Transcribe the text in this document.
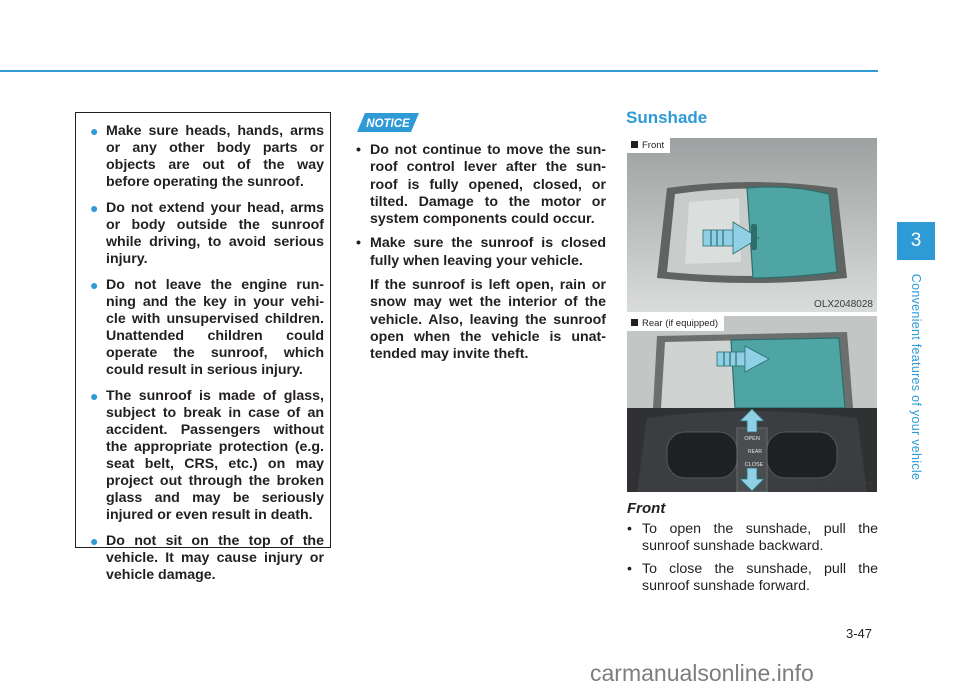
● Make sure heads, hands, arms or any other body parts or objects are out of the way before operating the sunroof.
● Do not extend your head, arms or body outside the sunroof while driving, to avoid serious injury.
● Do not leave the engine run-ning and the key in your vehi-cle with unsupervised children. Unattended children could operate the sunroof, which could result in serious injury.
● The sunroof is made of glass, subject to break in case of an accident. Passengers without the appropriate protection (e.g. seat belt, CRS, etc.) on may project out through the broken glass and may be seriously injured or even result in death.
● Do not sit on the top of the vehicle. It may cause injury or vehicle damage.
NOTICE
• Do not continue to move the sun-roof control lever after the sun-roof is fully opened, closed, or tilted. Damage to the motor or system components could occur.
• Make sure the sunroof is closed fully when leaving your vehicle.
If the sunroof is left open, rain or snow may wet the interior of the vehicle. Also, leaving the sunroof open when the vehicle is unat-tended may invite theft.
Sunshade
Front
OLX2048028
Rear (if equipped)
OPEN
CLOSE
REAR
OLX2048027
Front
• To open the sunshade, pull the sunroof sunshade backward.
• To close the sunshade, pull the sunroof sunshade forward.
3
Convenient features of your vehicle
3-47
carmanualsonline.info
